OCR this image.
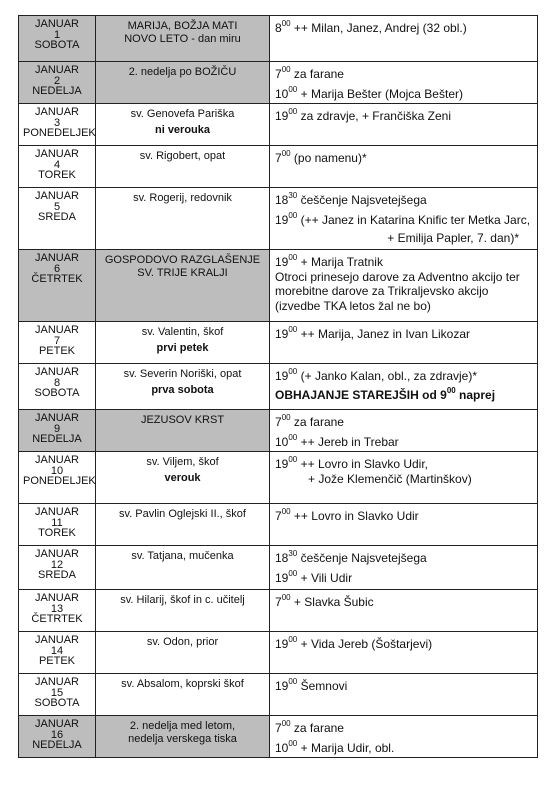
JANUAR
1
SOBOTA	MARIJA, BOŽJA MATI
NOVO LETO - dan miru	$8^{00}$ ++ Milan, Janez, Andrej (32 obl.)

JANUAR
2
NEDELJA	2. nedelja po BOŽIČU	$7^{00}$ za farane
$10^{00}$ + Marija Bešter (Mojca Bešter)

JANUAR
3
PONEDELJEK	sv. Genovefa Pariška
ni verouka	$19^{00}$ za zdravje, + Frančiška Zeni

JANUAR
4
TOREK	sv. Rigobert, opat	$7^{00}$ (po namenu)*

JANUAR
5
SREDA	sv. Rogerij, redovnik	$18^{30}$ češčenje Najsvetejšega
$19^{00}$ (++ Janez in Katarina Knific ter Metka Jarc,
+ Emilija Papler, 7. dan)*

JANUAR
6
ČETRTEK	GOSPODOVO RAZGLAŠENJE
SV. TRIJE KRALJI	$19^{00}$ + Marija Tratnik
Otroci prinesejo darove za Adventno akcijo ter morebitne darove za Trikraljevsko akcijo (izvedbe TKA letos žal ne bo)

JANUAR
7
PETEK	sv. Valentin, škof
prvi petek	$19^{00}$ ++ Marija, Janez in Ivan Likozar

JANUAR
8
SOBOTA	sv. Severin Noriški, opat
prva sobota	$19^{00}$ (+ Janko Kalan, obl., za zdravje)*
OBHAJANJE STAREJŠIH od $9^{00}$ naprej

JANUAR
9
NEDELJA	JEZUSOV KRST	$7^{00}$ za farane
$10^{00}$ ++ Jereb in Trebar

JANUAR
10
PONEDELJEK	sv. Viljem, škof
verouk	$19^{00}$ ++ Lovro in Slavko Udir,
+ Jože Klemenčič (Martinškov)

JANUAR
11
TOREK	sv. Pavlin Oglejski II., škof	$7^{00}$ ++ Lovro in Slavko Udir

JANUAR
12
SREDA	sv. Tatjana, mučenka	$18^{30}$ češčenje Najsvetejšega
$19^{00}$ + Vili Udir

JANUAR
13
ČETRTEK	sv. Hilarij, škof in c. učitelj	$7^{00}$ + Slavka Šubic

JANUAR
14
PETEK	sv. Odon, prior	$19^{00}$ + Vida Jereb (Šoštarjevi)

JANUAR
15
SOBOTA	sv. Absalom, koprski škof	$19^{00}$ Šemnovi

JANUAR
16
NEDELJA	2. nedelja med letom,
nedelja verskega tiska	$7^{00}$ za farane
$10^{00}$ + Marija Udir, obl.
